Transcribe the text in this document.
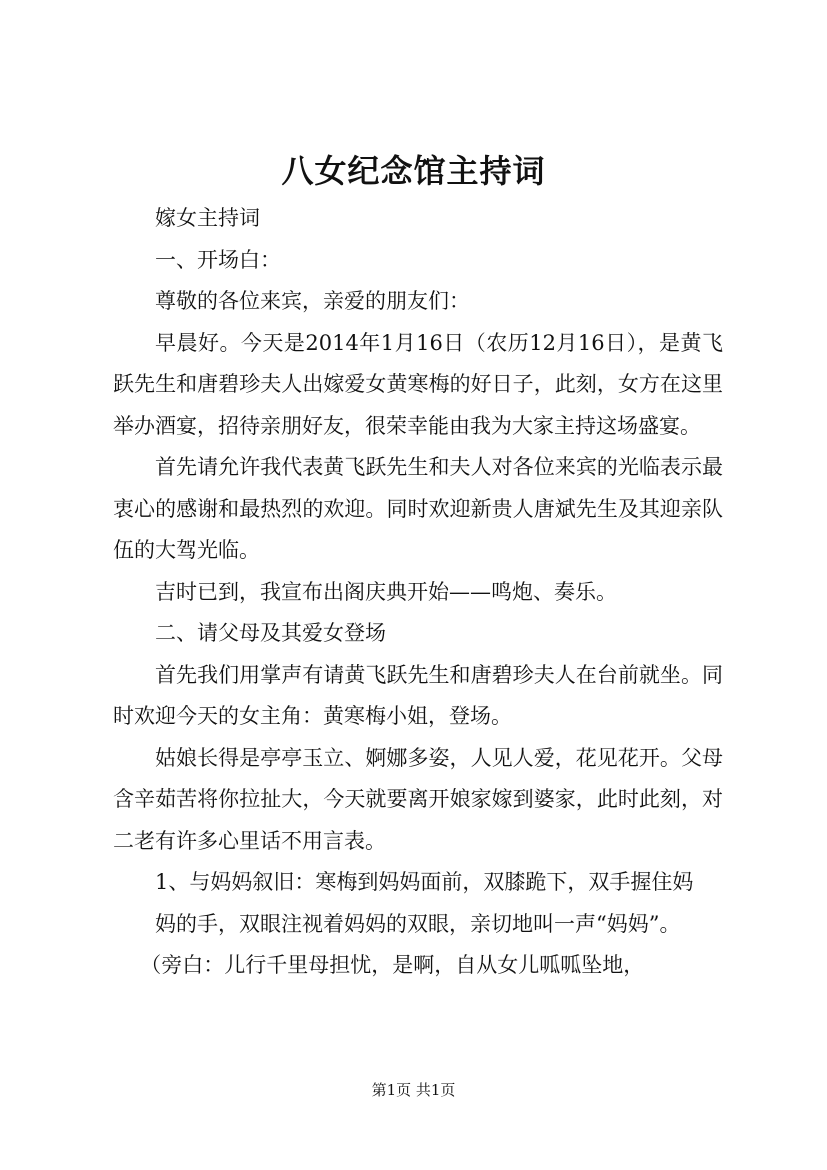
八女纪念馆主持词

嫁女主持词

一、开场白：

尊敬的各位来宾，亲爱的朋友们：

早晨好。今天是2014年1月16日（农历12月16日），是黄飞跃先生和唐碧珍夫人出嫁爱女黄寒梅的好日子，此刻，女方在这里举办酒宴，招待亲朋好友，很荣幸能由我为大家主持这场盛宴。

首先请允许我代表黄飞跃先生和夫人对各位来宾的光临表示最衷心的感谢和最热烈的欢迎。同时欢迎新贵人唐斌先生及其迎亲队伍的大驾光临。

吉时已到，我宣布出阁庆典开始——鸣炮、奏乐。

二、请父母及其爱女登场

首先我们用掌声有请黄飞跃先生和唐碧珍夫人在台前就坐。同时欢迎今天的女主角：黄寒梅小姐，登场。

姑娘长得是亭亭玉立、婀娜多姿，人见人爱，花见花开。父母含辛茹苦将你拉扯大，今天就要离开娘家嫁到婆家，此时此刻，对二老有许多心里话不用言表。

1、与妈妈叙旧：寒梅到妈妈面前，双膝跪下，双手握住妈

妈的手，双眼注视着妈妈的双眼，亲切地叫一声“妈妈”。

（旁白：儿行千里母担忧，是啊，自从女儿呱呱坠地，

第1页 共1页
